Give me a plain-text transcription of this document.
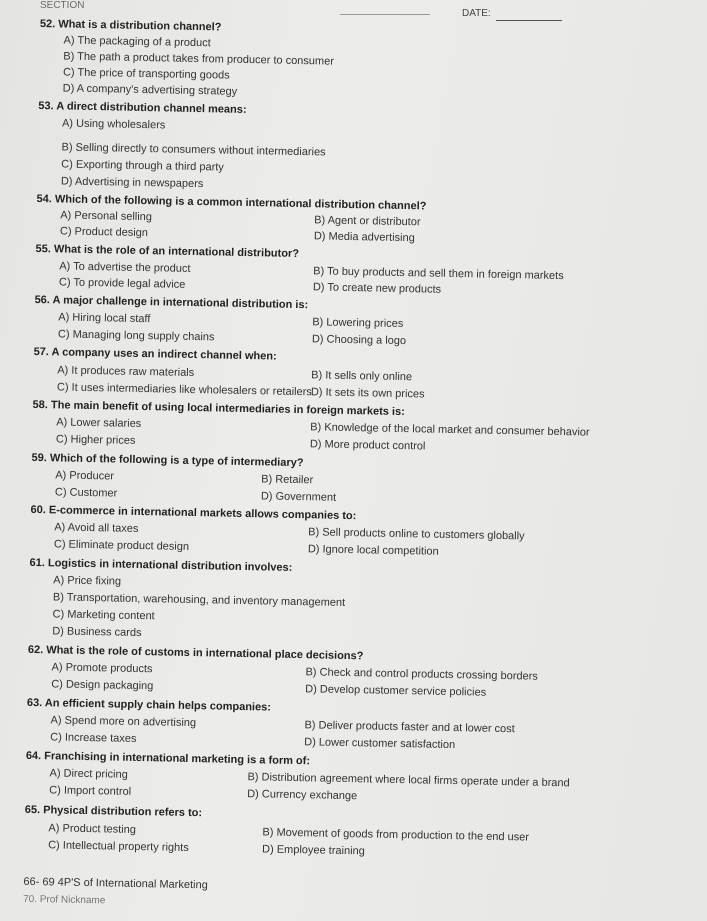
SECTION
DATE:
52. What is a distribution channel?
A) The packaging of a product
B) The path a product takes from producer to consumer
C) The price of transporting goods
D) A company's advertising strategy
53. A direct distribution channel means:
A) Using wholesalers
B) Selling directly to consumers without intermediaries
C) Exporting through a third party
D) Advertising in newspapers
54. Which of the following is a common international distribution channel?
A) Personal selling	B) Agent or distributor
C) Product design	D) Media advertising
55. What is the role of an international distributor?
A) To advertise the product	B) To buy products and sell them in foreign markets
C) To provide legal advice	D) To create new products
56. A major challenge in international distribution is:
A) Hiring local staff	B) Lowering prices
C) Managing long supply chains	D) Choosing a logo
57. A company uses an indirect channel when:
A) It produces raw materials	B) It sells only online
C) It uses intermediaries like wholesalers or retailers
D) It sets its own prices
58. The main benefit of using local intermediaries in foreign markets is:
A) Lower salaries	B) Knowledge of the local market and consumer behavior
C) Higher prices	D) More product control
59. Which of the following is a type of intermediary?
A) Producer	B) Retailer
C) Customer	D) Government
60. E-commerce in international markets allows companies to:
A) Avoid all taxes	B) Sell products online to customers globally
C) Eliminate product design	D) Ignore local competition
61. Logistics in international distribution involves:
A) Price fixing
B) Transportation, warehousing, and inventory management
C) Marketing content
D) Business cards
62. What is the role of customs in international place decisions?
A) Promote products	B) Check and control products crossing borders
C) Design packaging	D) Develop customer service policies
63. An efficient supply chain helps companies:
A) Spend more on advertising	B) Deliver products faster and at lower cost
C) Increase taxes	D) Lower customer satisfaction
64. Franchising in international marketing is a form of:
A) Direct pricing	B) Distribution agreement where local firms operate under a brand
C) Import control	D) Currency exchange
65. Physical distribution refers to:
A) Product testing	B) Movement of goods from production to the end user
C) Intellectual property rights	D) Employee training
66- 69 4P'S of International Marketing
70. Prof Nickname
